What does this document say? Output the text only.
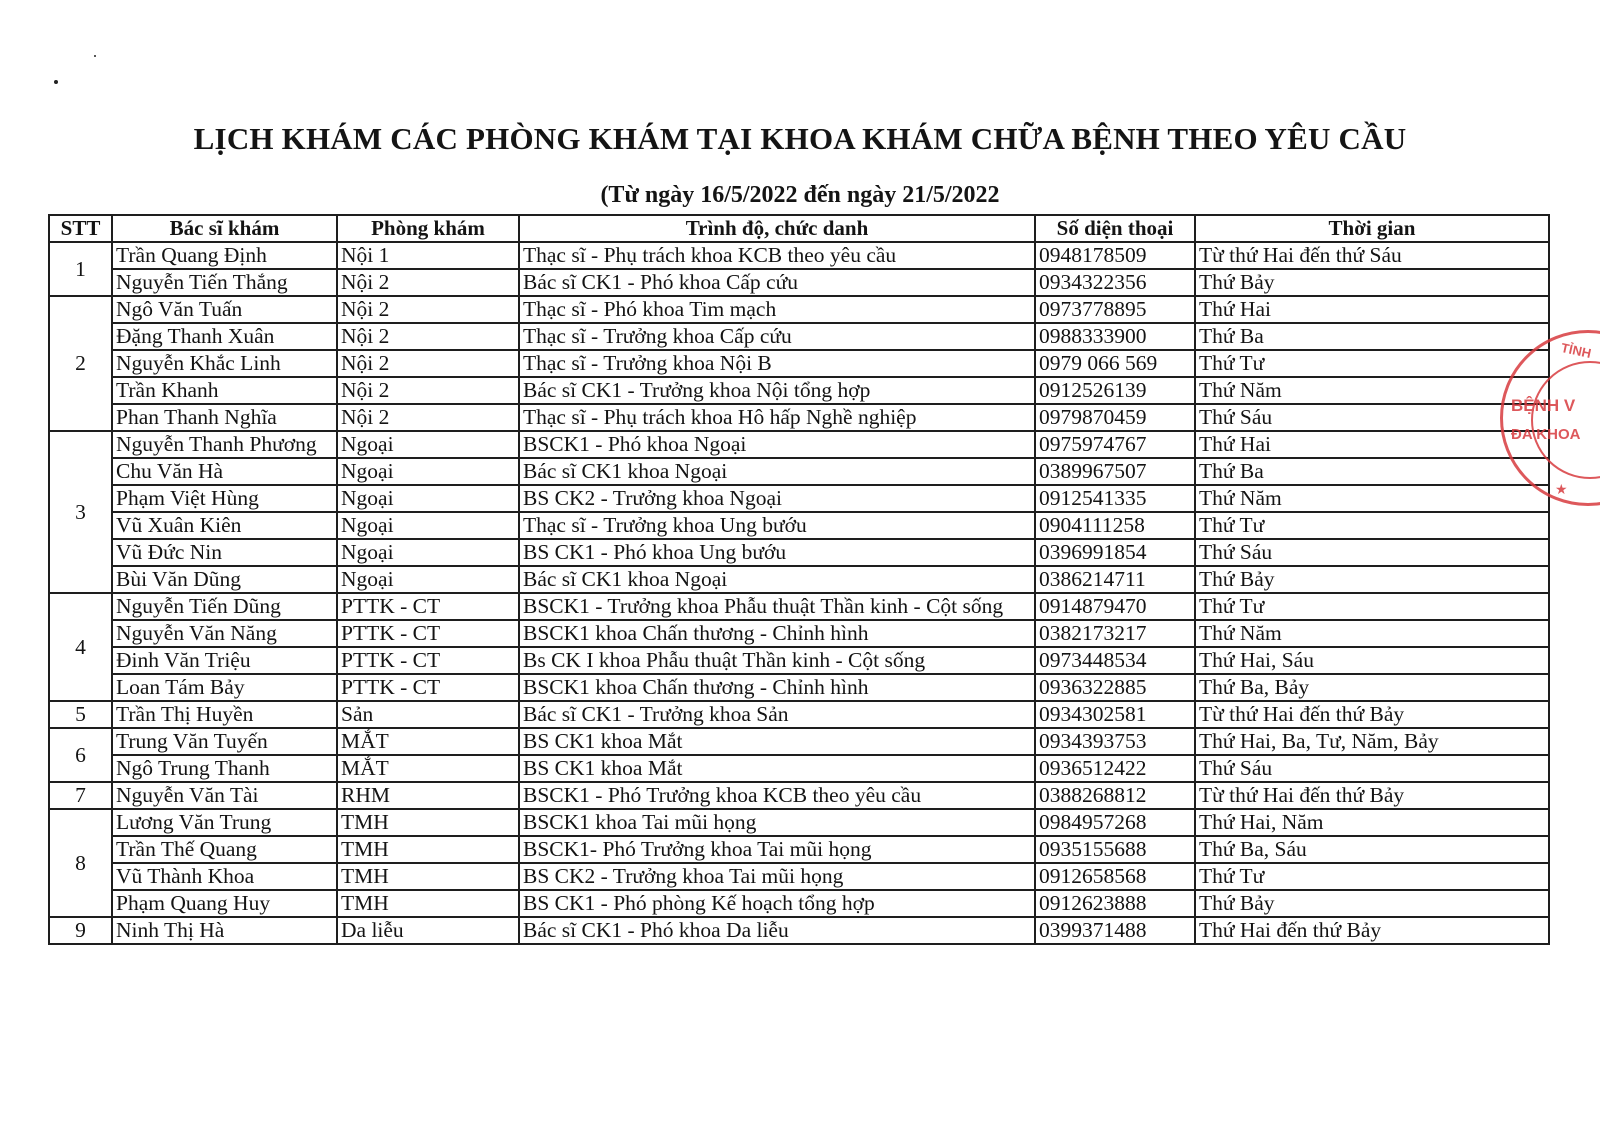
LỊCH KHÁM CÁC PHÒNG KHÁM TẠI KHOA KHÁM CHỮA BỆNH THEO YÊU CẦU
(Từ ngày 16/5/2022 đến ngày 21/5/2022
STT	Bác sĩ khám	Phòng khám	Trình độ, chức danh	Số diện thoại	Thời gian
1	Trần Quang Định	Nội 1	Thạc sĩ - Phụ trách khoa KCB theo yêu cầu	0948178509	Từ thứ Hai đến thứ Sáu
	Nguyễn Tiến Thắng	Nội 2	Bác sĩ CK1 - Phó khoa Cấp cứu	0934322356	Thứ Bảy
2	Ngô Văn Tuấn	Nội 2	Thạc sĩ - Phó khoa Tim mạch	0973778895	Thứ Hai
	Đặng Thanh Xuân	Nội 2	Thạc sĩ - Trưởng khoa Cấp cứu	0988333900	Thứ Ba
	Nguyễn Khắc Linh	Nội 2	Thạc sĩ - Trưởng khoa Nội B	0979 066 569	Thứ Tư
	Trần Khanh	Nội 2	Bác sĩ CK1 - Trưởng khoa Nội tổng hợp	0912526139	Thứ Năm
	Phan Thanh Nghĩa	Nội 2	Thạc sĩ - Phụ trách khoa Hô hấp Nghề nghiệp	0979870459	Thứ Sáu
3	Nguyễn Thanh Phương	Ngoại	BSCK1 - Phó khoa Ngoại	0975974767	Thứ Hai
	Chu Văn Hà	Ngoại	Bác sĩ CK1 khoa Ngoại	0389967507	Thứ Ba
	Phạm Việt Hùng	Ngoại	BS CK2 - Trưởng khoa Ngoại	0912541335	Thứ Năm
	Vũ Xuân Kiên	Ngoại	Thạc sĩ - Trưởng khoa Ung bướu	0904111258	Thứ Tư
	Vũ Đức Nin	Ngoại	BS CK1 - Phó khoa Ung bướu	0396991854	Thứ Sáu
	Bùi Văn Dũng	Ngoại	Bác sĩ CK1 khoa Ngoại	0386214711	Thứ Bảy
4	Nguyễn Tiến Dũng	PTTK - CT	BSCK1 - Trưởng khoa Phẫu thuật Thần kinh - Cột sống	0914879470	Thứ Tư
	Nguyễn Văn Năng	PTTK - CT	BSCK1 khoa Chấn thương - Chỉnh hình	0382173217	Thứ Năm
	Đinh Văn Triệu	PTTK - CT	Bs CK I khoa Phẫu thuật Thần kinh - Cột sống	0973448534	Thứ Hai, Sáu
	Loan Tám Bảy	PTTK - CT	BSCK1 khoa Chấn thương - Chỉnh hình	0936322885	Thứ Ba, Bảy
5	Trần Thị Huyền	Sản	Bác sĩ CK1 - Trưởng khoa Sản	0934302581	Từ thứ Hai đến thứ Bảy
6	Trung Văn Tuyến	MẮT	BS CK1 khoa Mắt	0934393753	Thứ Hai, Ba, Tư, Năm, Bảy
	Ngô Trung Thanh	MẮT	BS CK1 khoa Mắt	0936512422	Thứ Sáu
7	Nguyễn Văn Tài	RHM	BSCK1 - Phó Trưởng khoa KCB theo yêu cầu	0388268812	Từ thứ Hai đến thứ Bảy
8	Lương Văn Trung	TMH	BSCK1 khoa Tai mũi họng	0984957268	Thứ Hai, Năm
	Trần Thế Quang	TMH	BSCK1- Phó Trưởng khoa Tai mũi họng	0935155688	Thứ Ba, Sáu
	Vũ Thành Khoa	TMH	BS CK2 - Trưởng khoa Tai mũi họng	0912658568	Thứ Tư
	Phạm Quang Huy	TMH	BS CK1 - Phó phòng Kế hoạch tổng hợp	0912623888	Thứ Bảy
9	Ninh Thị Hà	Da liễu	Bác sĩ CK1 - Phó khoa Da liễu	0399371488	Thứ Hai đến thứ Bảy
TỈNH
BỆNH V
ĐA KHOA
★
